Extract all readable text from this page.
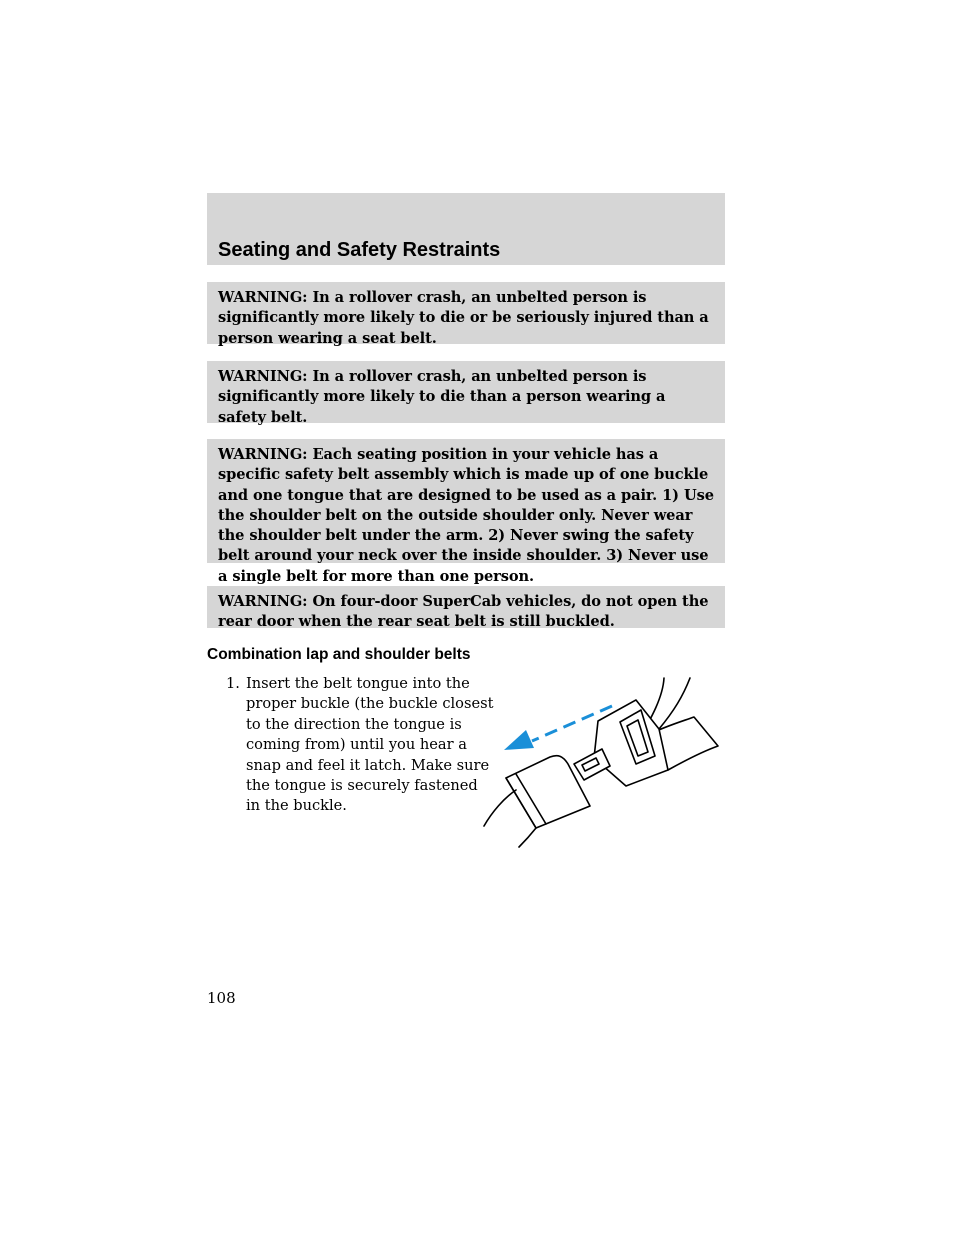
Seating and Safety Restraints

WARNING: In a rollover crash, an unbelted person is significantly more likely to die or be seriously injured than a person wearing a seat belt.

WARNING: In a rollover crash, an unbelted person is significantly more likely to die than a person wearing a safety belt.

WARNING: Each seating position in your vehicle has a specific safety belt assembly which is made up of one buckle and one tongue that are designed to be used as a pair. 1) Use the shoulder belt on the outside shoulder only. Never wear the shoulder belt under the arm. 2) Never swing the safety belt around your neck over the inside shoulder. 3) Never use a single belt for more than one person.

WARNING: On four-door SuperCab vehicles, do not open the rear door when the rear seat belt is still buckled.

Combination lap and shoulder belts
1. Insert the belt tongue into the proper buckle (the buckle closest to the direction the tongue is coming from) until you hear a snap and feel it latch. Make sure the tongue is securely fastened in the buckle.
108
